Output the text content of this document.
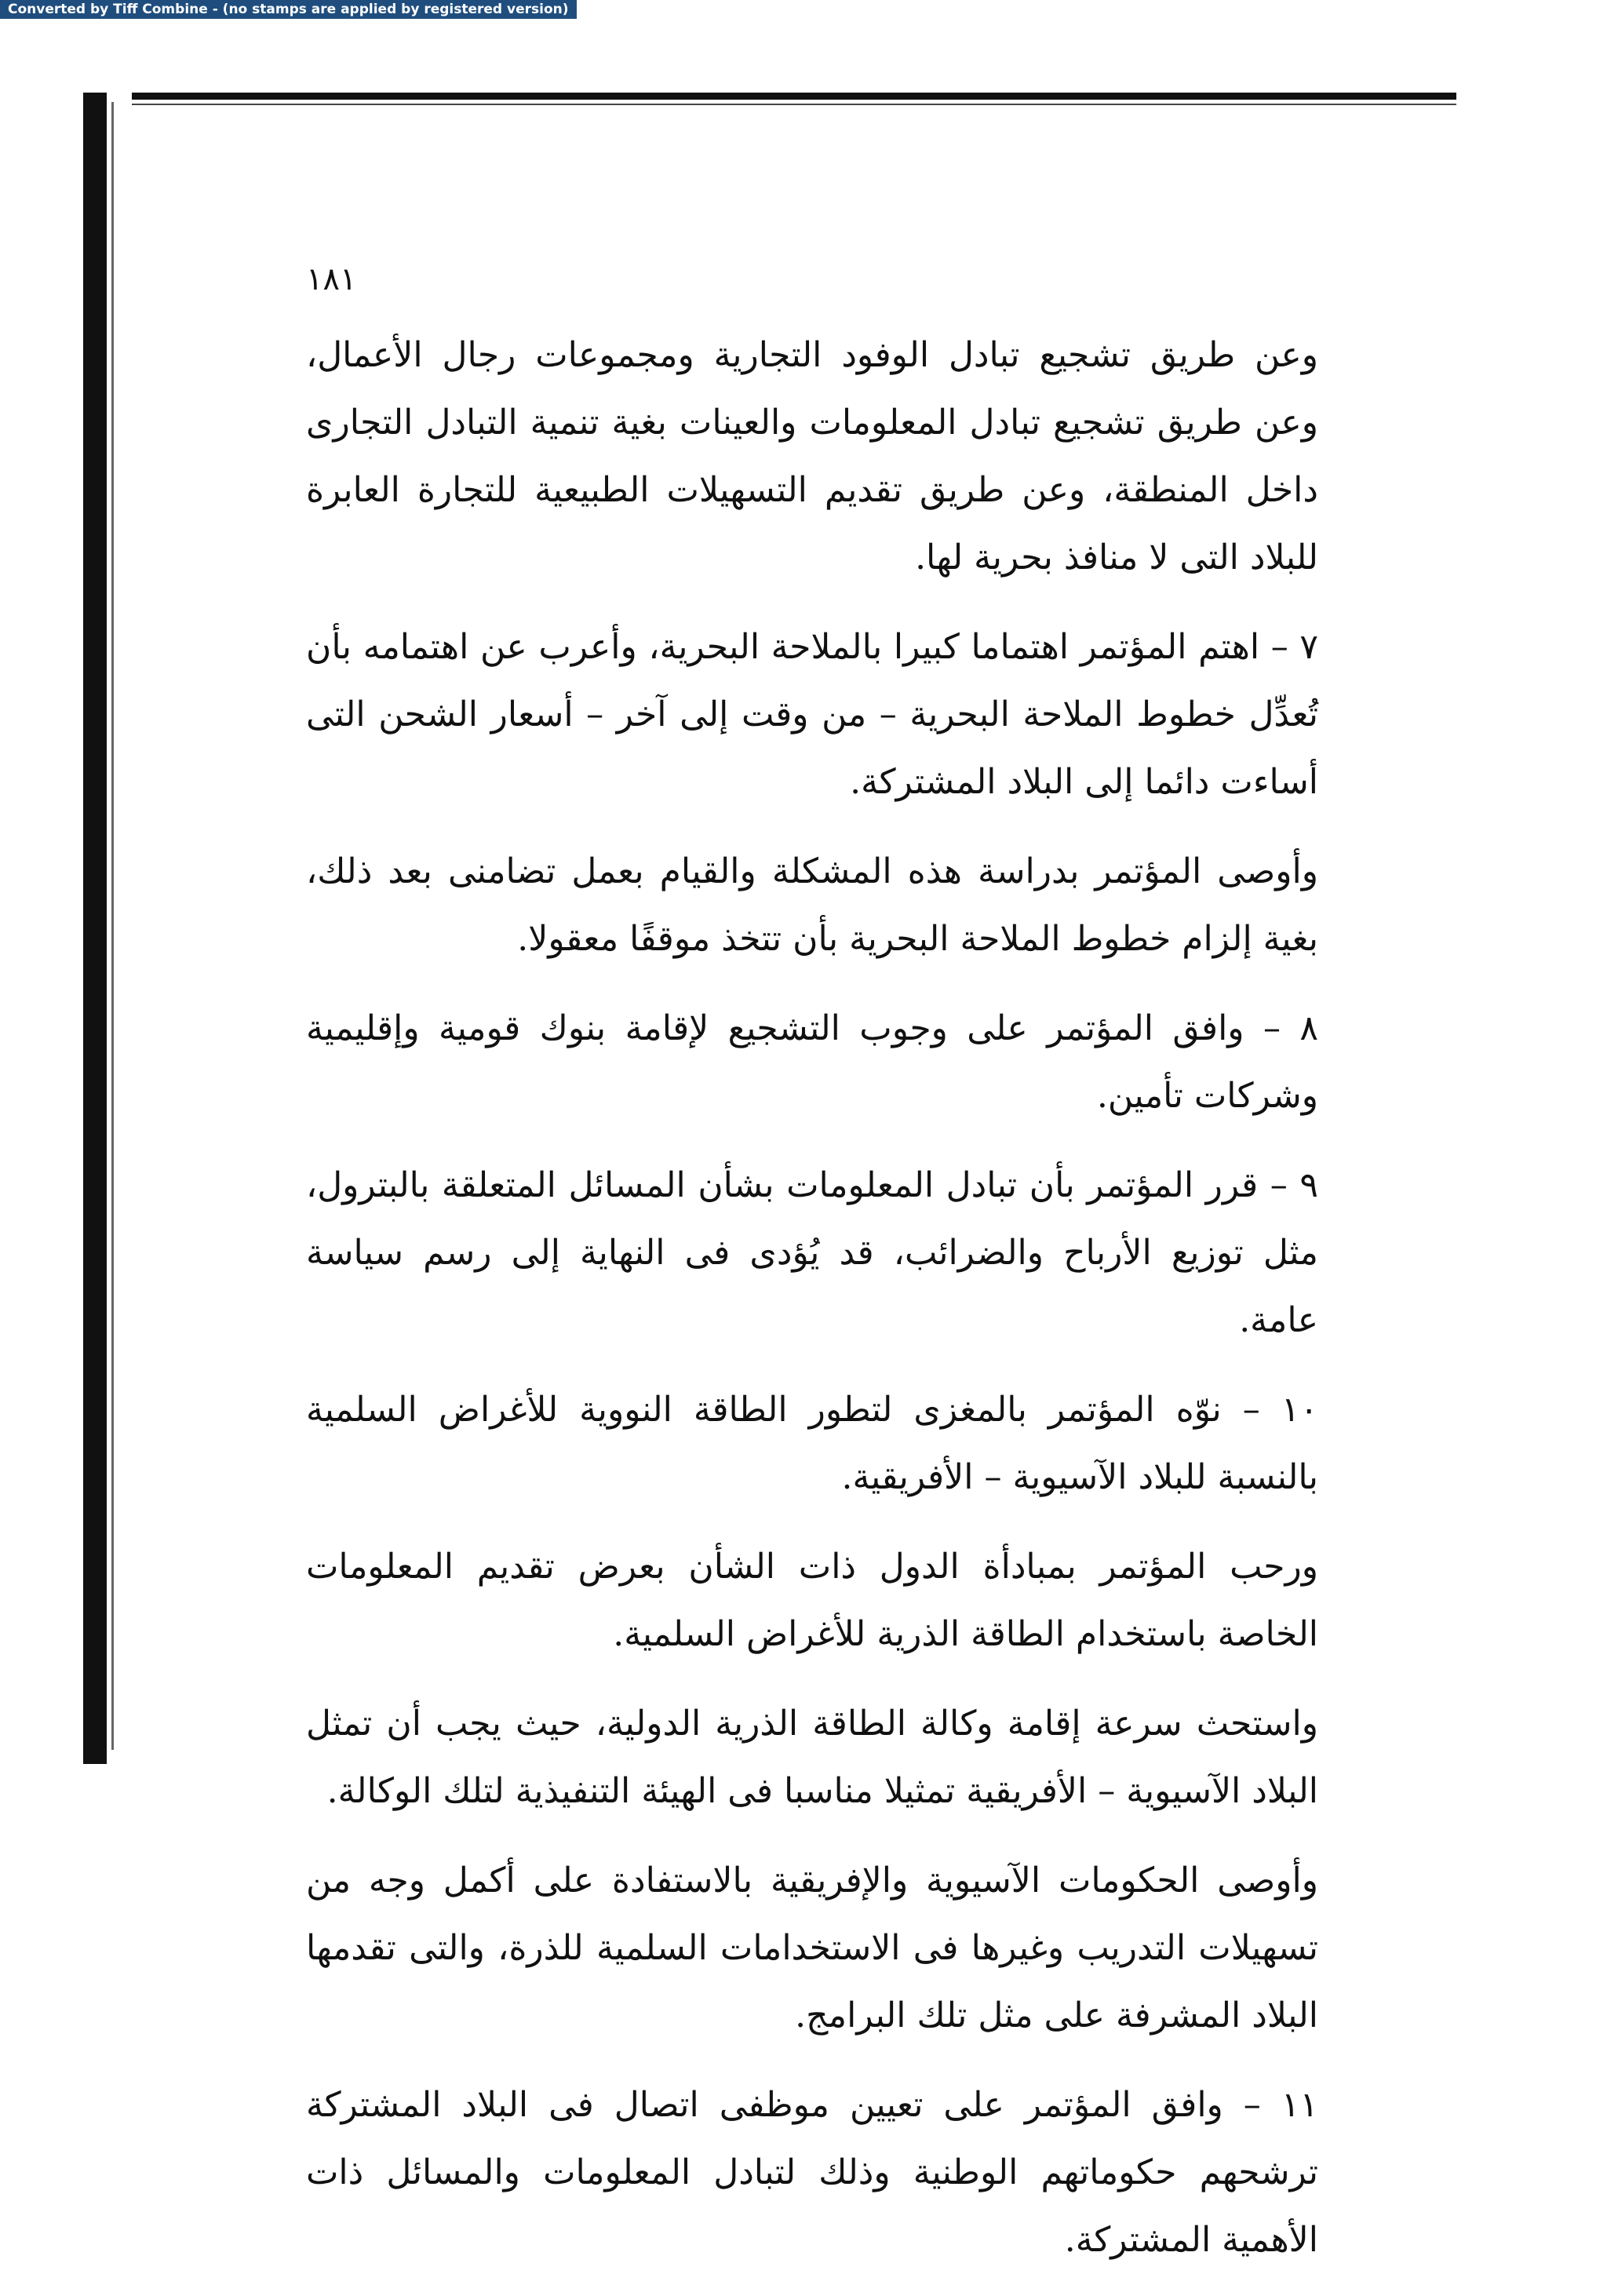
Converted by Tiff Combine - (no stamps are applied by registered version)
١٨١

وعن طريق تشجيع تبادل الوفود التجارية ومجموعات رجال الأعمال، وعن طريق تشجيع تبادل المعلومات والعينات بغية تنمية التبادل التجارى داخل المنطقة، وعن طريق تقديم التسهيلات الطبيعية للتجارة العابرة للبلاد التى لا منافذ بحرية لها.

٧ – اهتم المؤتمر اهتماما كبيرا بالملاحة البحرية، وأعرب عن اهتمامه بأن تُعدِّل خطوط الملاحة البحرية – من وقت إلى آخر – أسعار الشحن التى أساءت دائما إلى البلاد المشتركة.

وأوصى المؤتمر بدراسة هذه المشكلة والقيام بعمل تضامنى بعد ذلك، بغية إلزام خطوط الملاحة البحرية بأن تتخذ موقفًا معقولا.

٨ – وافق المؤتمر على وجوب التشجيع لإقامة بنوك قومية وإقليمية وشركات تأمين.

٩ – قرر المؤتمر بأن تبادل المعلومات بشأن المسائل المتعلقة بالبترول، مثل توزيع الأرباح والضرائب، قد يُؤدى فى النهاية إلى رسم سياسة عامة.

١٠ – نوّه المؤتمر بالمغزى لتطور الطاقة النووية للأغراض السلمية بالنسبة للبلاد الآسيوية – الأفريقية.

ورحب المؤتمر بمبادأة الدول ذات الشأن بعرض تقديم المعلومات الخاصة باستخدام الطاقة الذرية للأغراض السلمية.

واستحث سرعة إقامة وكالة الطاقة الذرية الدولية، حيث يجب أن تمثل البلاد الآسيوية – الأفريقية تمثيلا مناسبا فى الهيئة التنفيذية لتلك الوكالة.

وأوصى الحكومات الآسيوية والإفريقية بالاستفادة على أكمل وجه من تسهيلات التدريب وغيرها فى الاستخدامات السلمية للذرة، والتى تقدمها البلاد المشرفة على مثل تلك البرامج.

١١ – وافق المؤتمر على تعيين موظفى اتصال فى البلاد المشتركة ترشحهم حكوماتهم الوطنية وذلك لتبادل المعلومات والمسائل ذات الأهمية المشتركة.
